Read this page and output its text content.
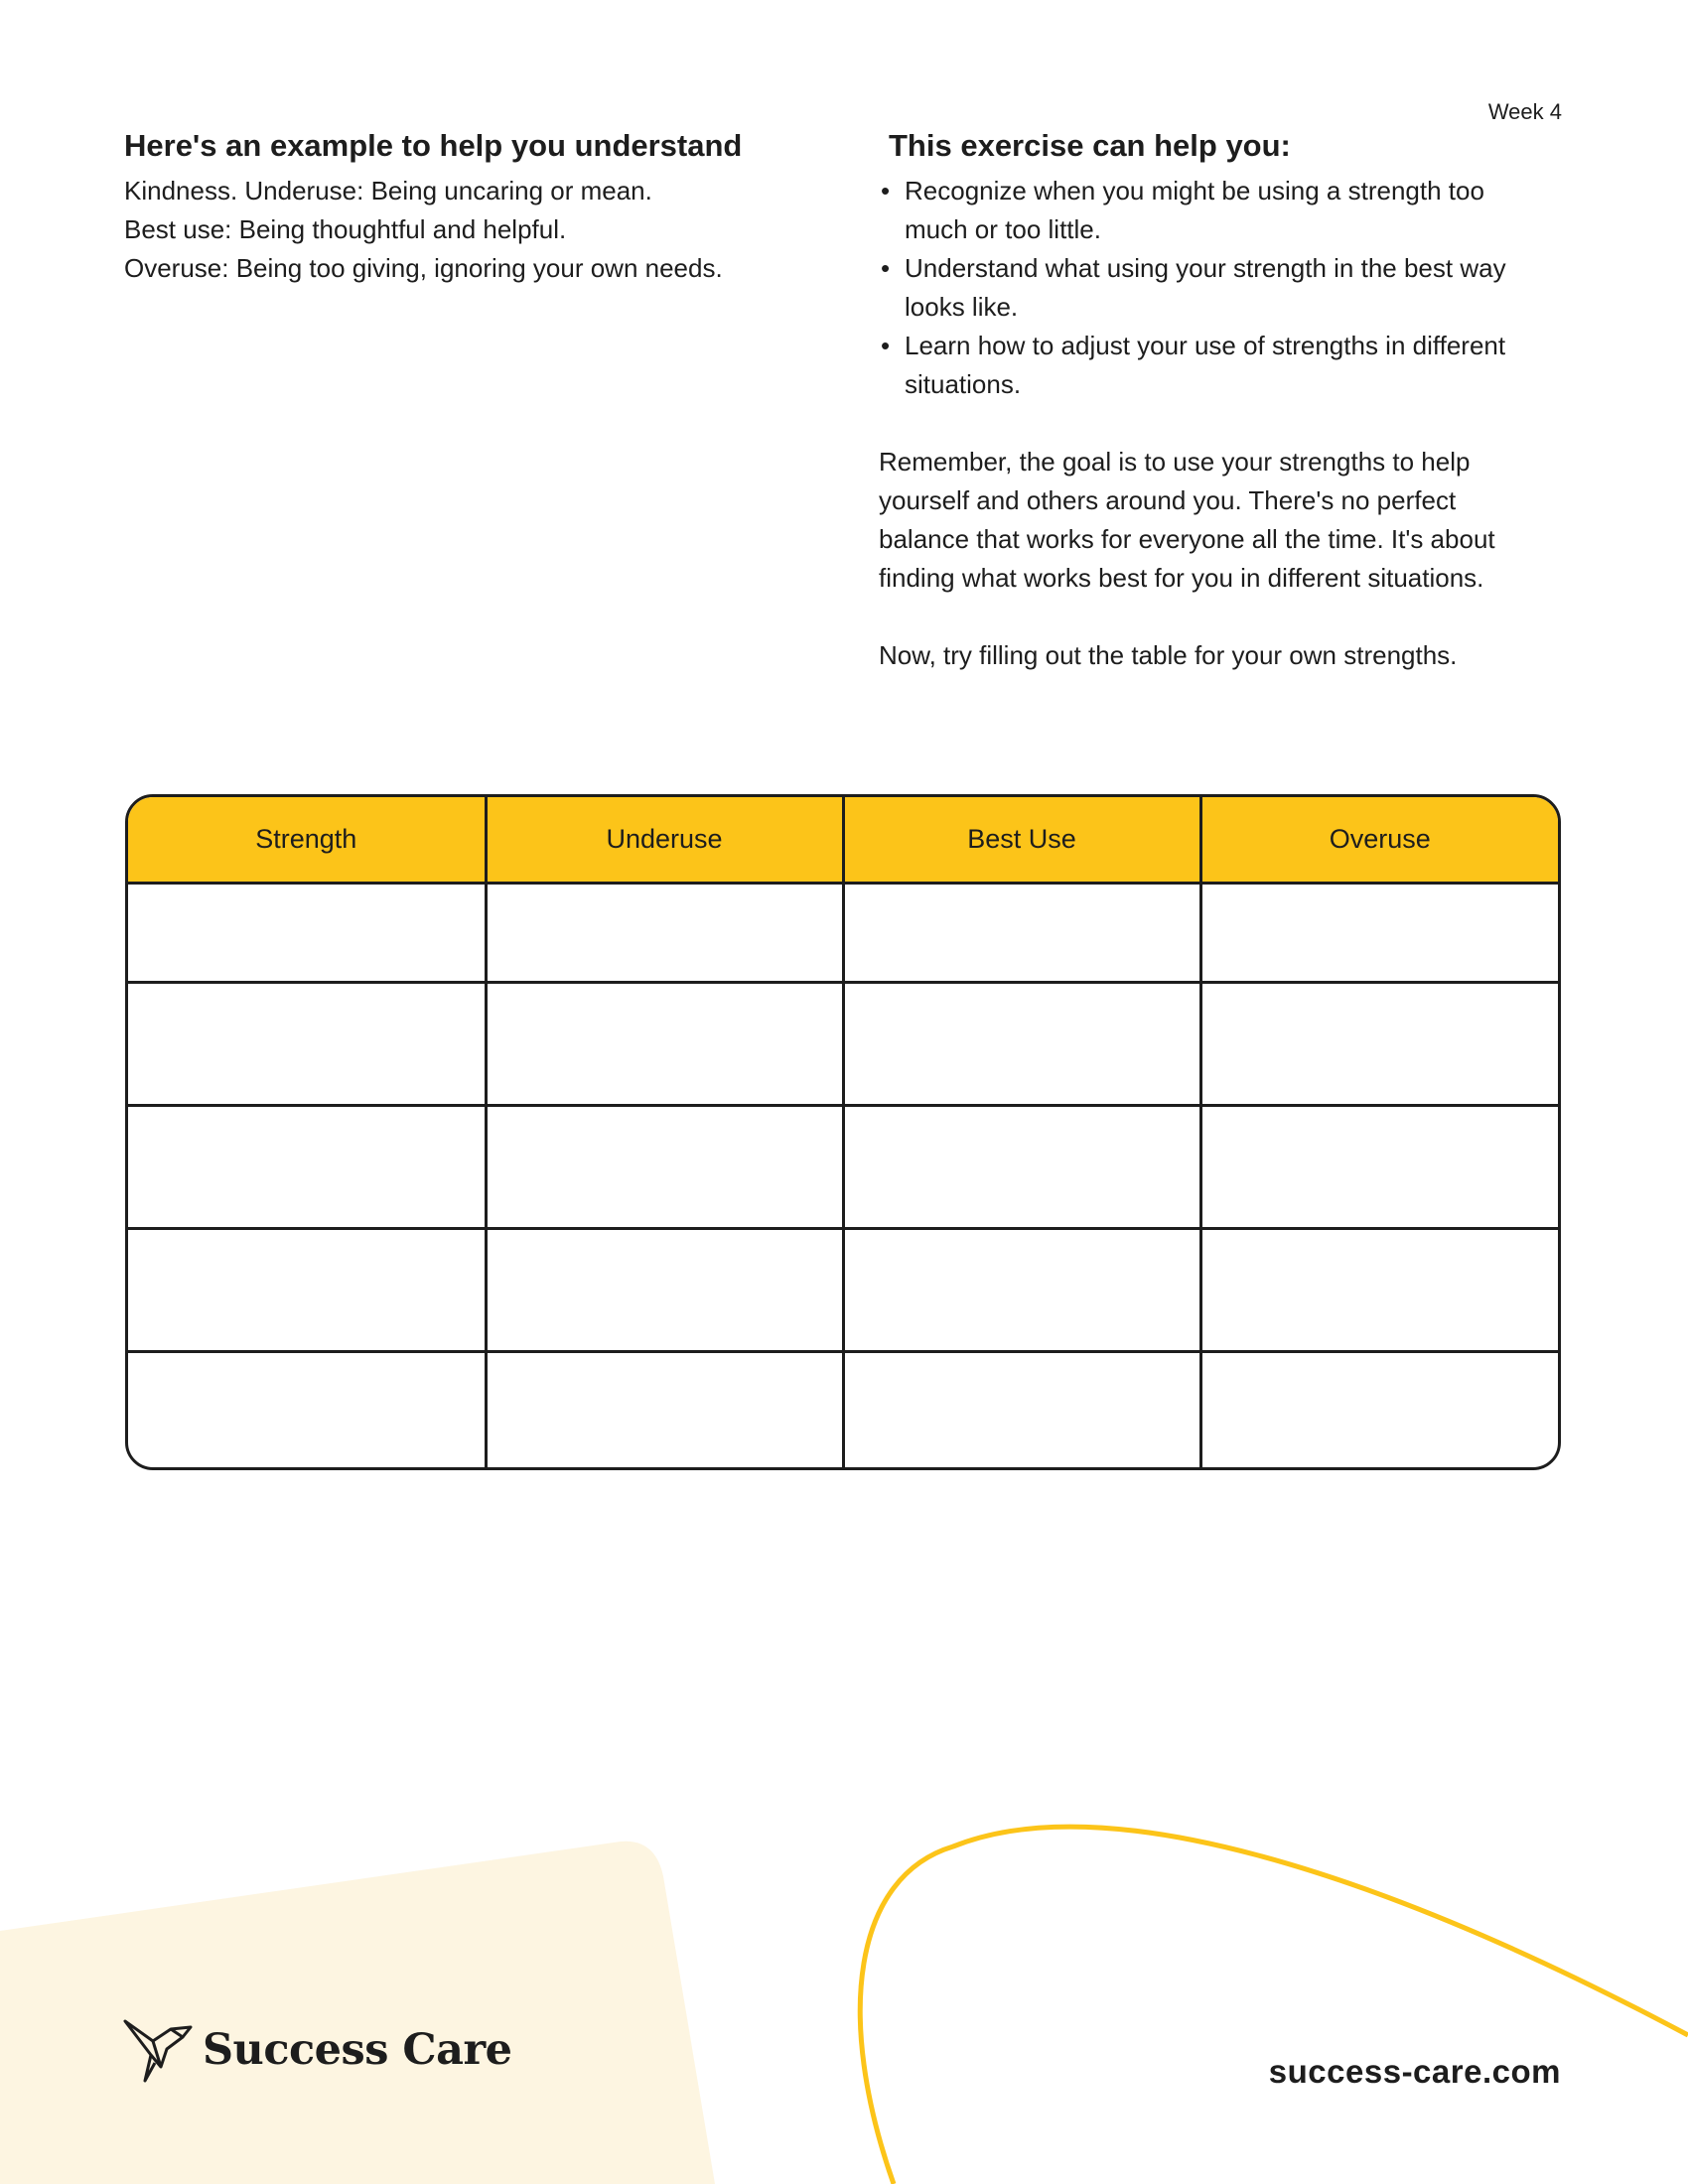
Week 4
Here's an example to help you understand

Kindness. Underuse: Being uncaring or mean.

Best use: Being thoughtful and helpful.

Overuse: Being too giving, ignoring your own needs.

This exercise can help you:
• Recognize when you might be using a strength too much or too little.
• Understand what using your strength in the best way looks like.
• Learn how to adjust your use of strengths in different situations.

Remember, the goal is to use your strengths to help yourself and others around you. There's no perfect balance that works for everyone all the time. It's about finding what works best for you in different situations.

Now, try filling out the table for your own strengths.

Strength	Underuse	Best Use	Overuse

Success Care	success-care.com
